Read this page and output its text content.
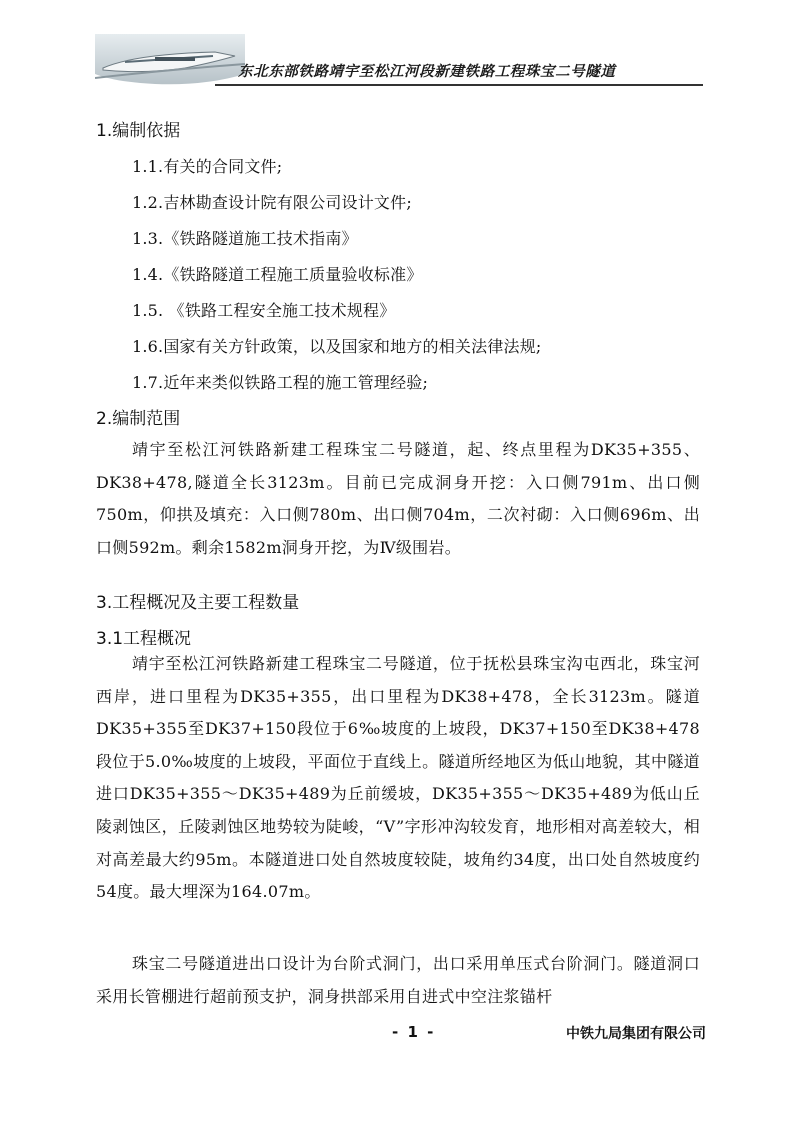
东北东部铁路靖宇至松江河段新建铁路工程珠宝二号隧道
1.编制依据
1.1.有关的合同文件;
1.2.吉林勘查设计院有限公司设计文件;
1.3.《铁路隧道施工技术指南》
1.4.《铁路隧道工程施工质量验收标准》
1.5. 《铁路工程安全施工技术规程》
1.6.国家有关方针政策，以及国家和地方的相关法律法规;
1.7.近年来类似铁路工程的施工管理经验;
2.编制范围

靖宇至松江河铁路新建工程珠宝二号隧道，起、终点里程为DK35+355、DK38+478,隧道全长3123m。目前已完成洞身开挖：入口侧791m、出口侧750m，仰拱及填充：入口侧780m、出口侧704m，二次衬砌：入口侧696m、出口侧592m。剩余1582m洞身开挖，为Ⅳ级围岩。

3.工程概况及主要工程数量
3.1工程概况

靖宇至松江河铁路新建工程珠宝二号隧道，位于抚松县珠宝沟屯西北，珠宝河西岸，进口里程为DK35+355，出口里程为DK38+478，全长3123m。隧道DK35+355至DK37+150段位于6‰坡度的上坡段，DK37+150至DK38+478段位于5.0‰坡度的上坡段，平面位于直线上。隧道所经地区为低山地貌，其中隧道进口DK35+355～DK35+489为丘前缓坡，DK35+355～DK35+489为低山丘陵剥蚀区，丘陵剥蚀区地势较为陡峻，“V”字形冲沟较发育，地形相对高差较大，相对高差最大约95m。本隧道进口处自然坡度较陡，坡角约34度，出口处自然坡度约54度。最大埋深为164.07m。

珠宝二号隧道进出口设计为台阶式洞门，出口采用单压式台阶洞门。隧道洞口采用长管棚进行超前预支护，洞身拱部采用自进式中空注浆锚杆

- 1 -	中铁九局集团有限公司
